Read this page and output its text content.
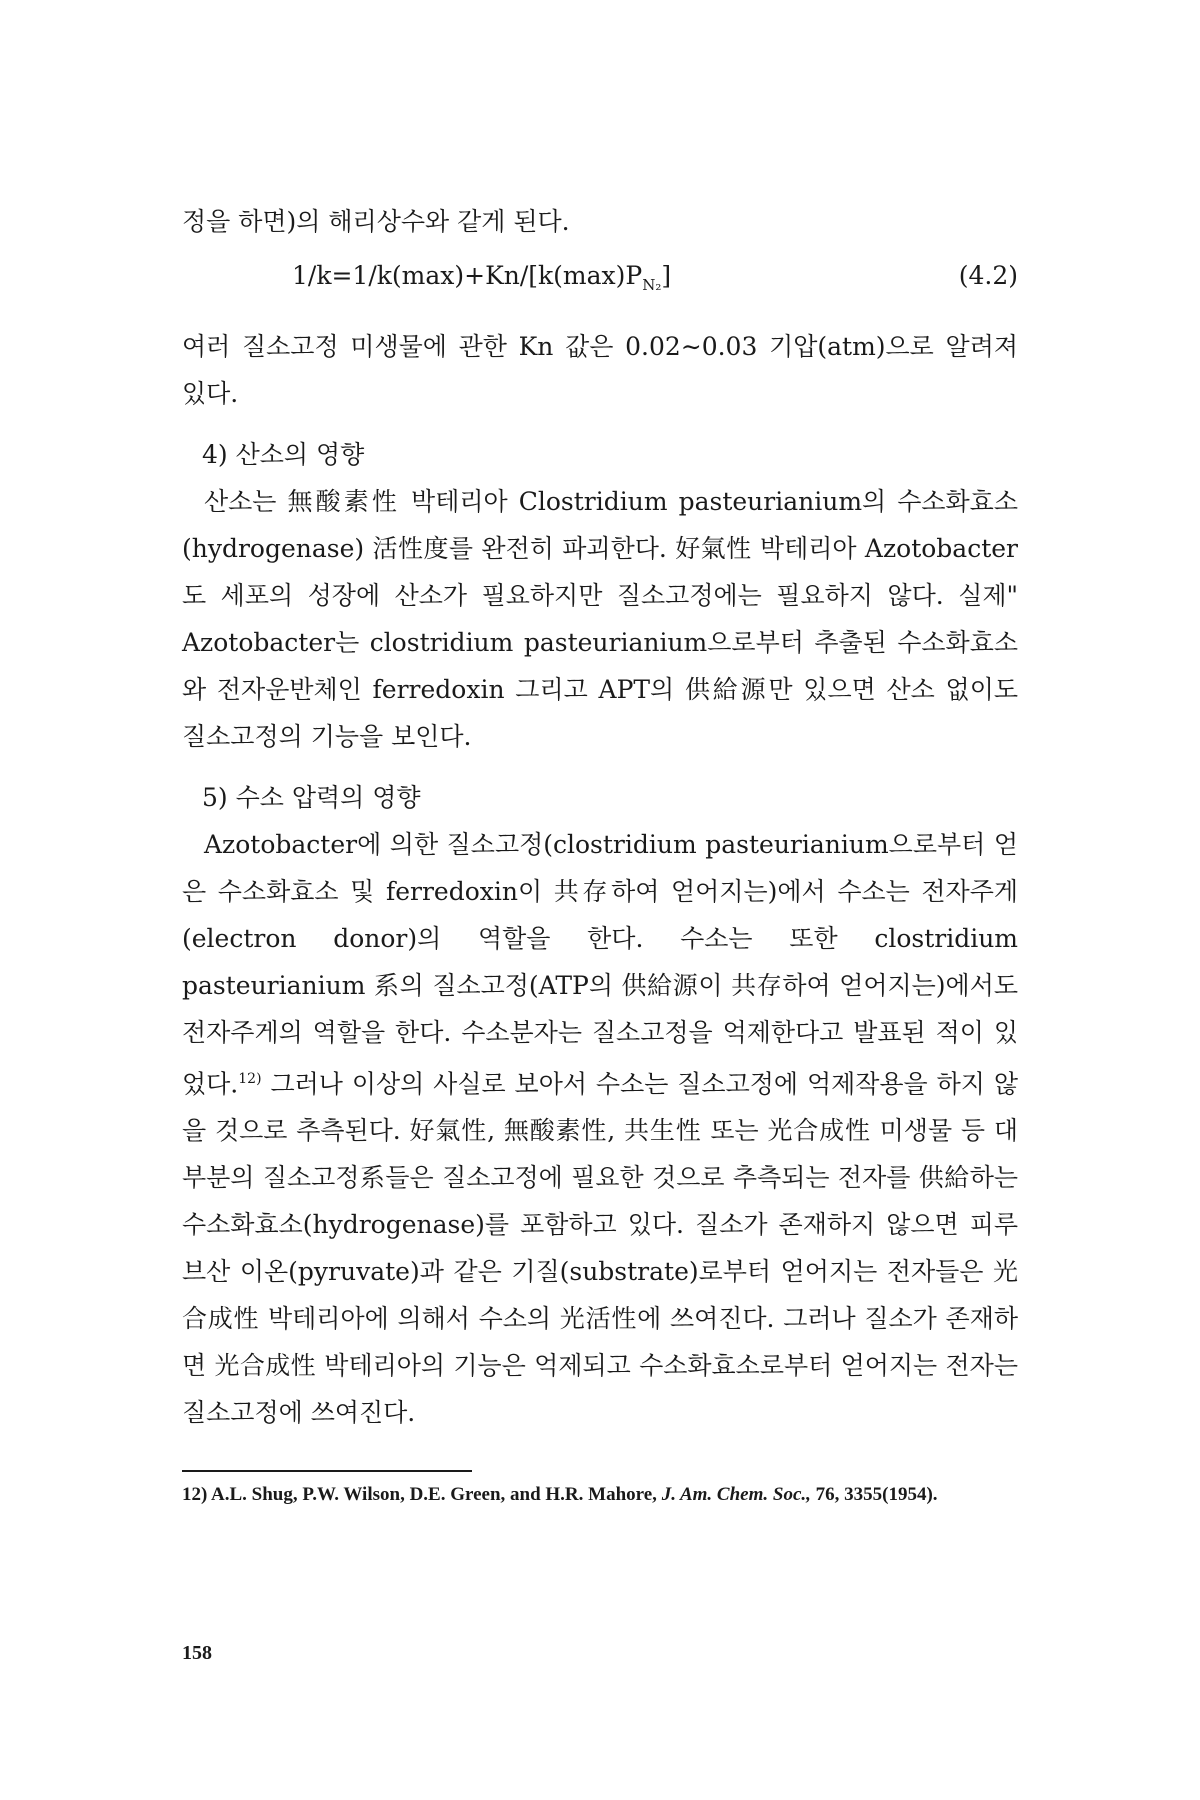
정을 하면)의 해리상수와 같게 된다.

$1/k=1/k(\max)+Kn/[k(\max)P_{N_2}]$	(4.2)

여러 질소고정 미생물에 관한 Kn 값은 0.02∼0.03 기압(atm)으로 알려져 있다.

4) 산소의 영향

산소는 無酸素性 박테리아 Clostridium pasteurianium의 수소화효소(hydrogenase) 活性度를 완전히 파괴한다. 好氣性 박테리아 Azotobacter도 세포의 성장에 산소가 필요하지만 질소고정에는 필요하지 않다. 실제" Azotobacter는 clostridium pasteurianium으로부터 추출된 수소화효소와 전자운반체인 ferredoxin 그리고 APT의 供給源만 있으면 산소 없이도 질소고정의 기능을 보인다.

5) 수소 압력의 영향

Azotobacter에 의한 질소고정(clostridium pasteurianium으로부터 얻은 수소화효소 및 ferredoxin이 共存하여 얻어지는)에서 수소는 전자주게(electron donor)의 역할을 한다. 수소는 또한 clostridium pasteurianium 系의 질소고정(ATP의 供給源이 共存하여 얻어지는)에서도 전자주게의 역할을 한다. 수소분자는 질소고정을 억제한다고 발표된 적이 있었다.$^{12)}$ 그러나 이상의 사실로 보아서 수소는 질소고정에 억제작용을 하지 않을 것으로 추측된다. 好氣性, 無酸素性, 共生性 또는 光合成性 미생물 등 대부분의 질소고정系들은 질소고정에 필요한 것으로 추측되는 전자를 供給하는 수소화효소(hydrogenase)를 포함하고 있다. 질소가 존재하지 않으면 피루브산 이온(pyruvate)과 같은 기질(substrate)로부터 얻어지는 전자들은 光合成性 박테리아에 의해서 수소의 光活性에 쓰여진다. 그러나 질소가 존재하면 光合成性 박테리아의 기능은 억제되고 수소화효소로부터 얻어지는 전자는 질소고정에 쓰여진다.

12) A.L. Shug, P.W. Wilson, D.E. Green, and H.R. Mahore, J. Am. Chem. Soc., 76, 3355(1954).

158
